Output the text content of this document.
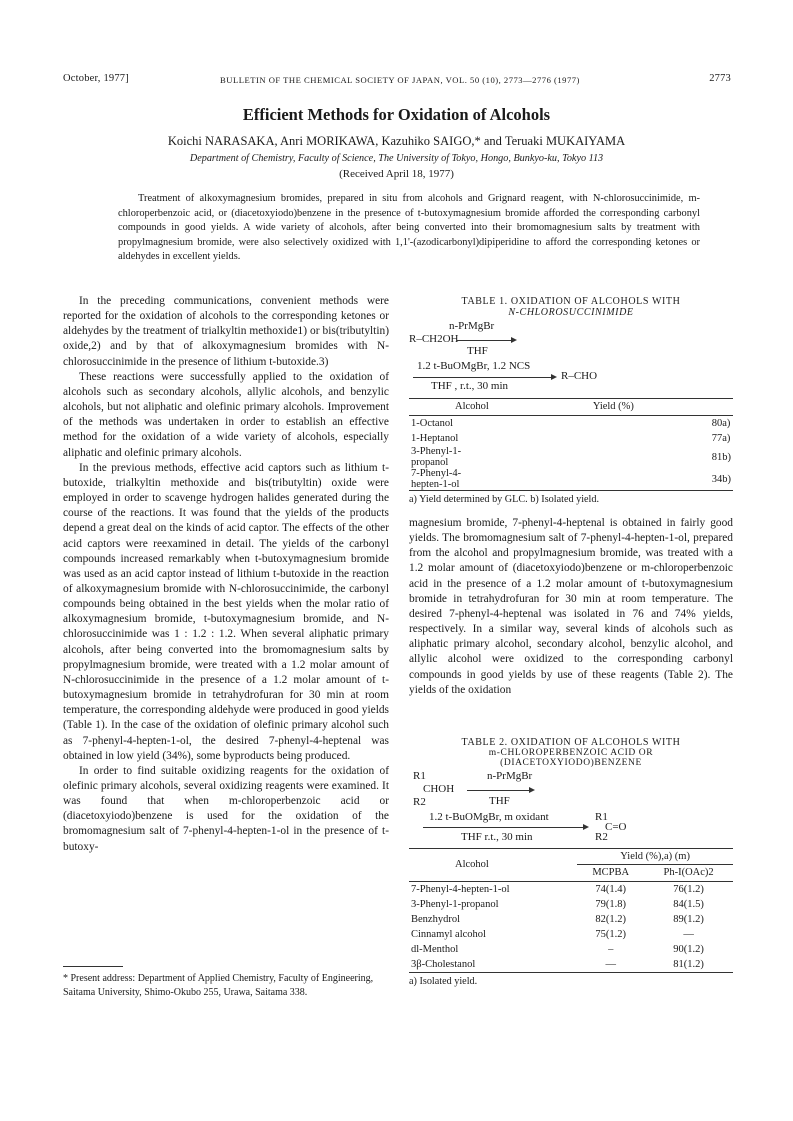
October, 1977]	BULLETIN OF THE CHEMICAL SOCIETY OF JAPAN, VOL. 50 (10), 2773—2776 (1977)	2773
Efficient Methods for Oxidation of Alcohols
Koichi NARASAKA, Anri MORIKAWA, Kazuhiko SAIGO,* and Teruaki MUKAIYAMA
Department of Chemistry, Faculty of Science, The University of Tokyo, Hongo, Bunkyo-ku, Tokyo 113
(Received April 18, 1977)
Treatment of alkoxymagnesium bromides, prepared in situ from alcohols and Grignard reagent, with N-chlorosuccinimide, m-chloroperbenzoic acid, or (diacetoxyiodo)benzene in the presence of t-butoxymagnesium bromide afforded the corresponding carbonyl compounds in good yields. A wide variety of alcohols, after being converted into their bromomagnesium salts by treatment with propylmagnesium bromide, were also selectively oxidized with 1,1'-(azodicarbonyl)dipiperidine to afford the corresponding ketones or aldehydes in excellent yields.

In the preceding communications, convenient methods were reported for the oxidation of alcohols to the corresponding ketones or aldehydes by the treatment of trialkyltin methoxide1) or bis(tributyltin) oxide,2) and by that of alkoxymagnesium bromides with N-chlorosuccinimide in the presence of lithium t-butoxide.3)

These reactions were successfully applied to the oxidation of alcohols such as secondary alcohols, allylic alcohols, and benzylic alcohols, but not aliphatic and olefinic primary alcohols. Improvement of the methods was undertaken in order to establish an effective method for the oxidation of a wide variety of alcohols, especially aliphatic and olefinic primary alcohols.

In the previous methods, effective acid captors such as lithium t-butoxide, trialkyltin methoxide and bis(tributyltin) oxide were employed in order to scavenge hydrogen halides generated during the course of the reactions. It was found that the yields of the products depend a great deal on the kinds of acid captor. The effects of the other acid captors were reexamined in detail. The yields of the carbonyl compounds increased remarkably when t-butoxymagnesium bromide was used as an acid captor instead of lithium t-butoxide in the reaction of alkoxymagnesium bromide with N-chlorosuccinimide, the carbonyl compounds being obtained in the best yields when the molar ratio of alkoxymagnesium bromide, t-butoxymagnesium bromide, and N-chlorosuccinimide was 1 : 1.2 : 1.2. When several aliphatic primary alcohols, after being converted into the bromomagnesium salts by propylmagnesium bromide, were treated with a 1.2 molar amount of N-chlorosuccinimide in the presence of a 1.2 molar amount of t-butoxymagnesium bromide in tetrahydrofuran for 30 min at room temperature, the corresponding aldehyde were produced in good yields (Table 1). In the case of the oxidation of olefinic primary alcohol such as 7-phenyl-4-hepten-1-ol, the desired 7-phenyl-4-heptenal was obtained in low yield (34%), some byproducts being produced.

In order to find suitable oxidizing reagents for the oxidation of olefinic primary alcohols, several oxidizing reagents were examined. It was found that when m-chloroperbenzoic acid or (diacetoxyiodo)benzene is used for the oxidation of the bromomagnesium salt of 7-phenyl-4-hepten-1-ol in the presence of t-butoxy-

* Present address: Department of Applied Chemistry, Faculty of Engineering, Saitama University, Shimo-Okubo 255, Urawa, Saitama 338.
TABLE 1. OXIDATION OF ALCOHOLS WITH
N-CHLOROSUCCINIMIDE
n-PrMgBr
R–CH2OH
THF
1.2 t-BuOMgBr, 1.2 NCS
R–CHO
THF , r.t., 30 min
Alcohol	Yield (%)

1-Octanol	80a)
1-Heptanol	77a)
3-Phenyl-1-propanol	81b)
7-Phenyl-4-hepten-1-ol	34b)
a) Yield determined by GLC. b) Isolated yield.

magnesium bromide, 7-phenyl-4-heptenal is obtained in fairly good yields. The bromomagnesium salt of 7-phenyl-4-hepten-1-ol, prepared from the alcohol and propylmagnesium bromide, was treated with a 1.2 molar amount of (diacetoxyiodo)benzene or m-chloroperbenzoic acid in the presence of a 1.2 molar amount of t-butoxymagnesium bromide in tetrahydrofuran for 30 min at room temperature. The desired 7-phenyl-4-heptenal was isolated in 76 and 74% yields, respectively. In a similar way, several kinds of alcohols such as aliphatic primary alcohol, secondary alcohol, benzylic alcohol, and allylic alcohol were oxidized to the corresponding carbonyl compounds in good yields by use of these reagents (Table 2). The yields of the oxidation

TABLE 2. OXIDATION OF ALCOHOLS WITH
m-CHLOROPERBENZOIC ACID OR
(DIACETOXYIODO)BENZENE
R1	n-PrMgBr
CHOH
R2	THF
1.2 t-BuOMgBr, m oxidant	R1
C=O
R2
THF r.t., 30 min
Alcohol	Yield (%),a) (m)	
	MCPBA	Ph-I(OAc)2

7-Phenyl-4-hepten-1-ol	74(1.4)	76(1.2)
3-Phenyl-1-propanol	79(1.8)	84(1.5)
Benzhydrol	82(1.2)	89(1.2)
Cinnamyl alcohol	75(1.2)	—
dl-Menthol	–	90(1.2)
3β-Cholestanol	—	81(1.2)
a) Isolated yield.
